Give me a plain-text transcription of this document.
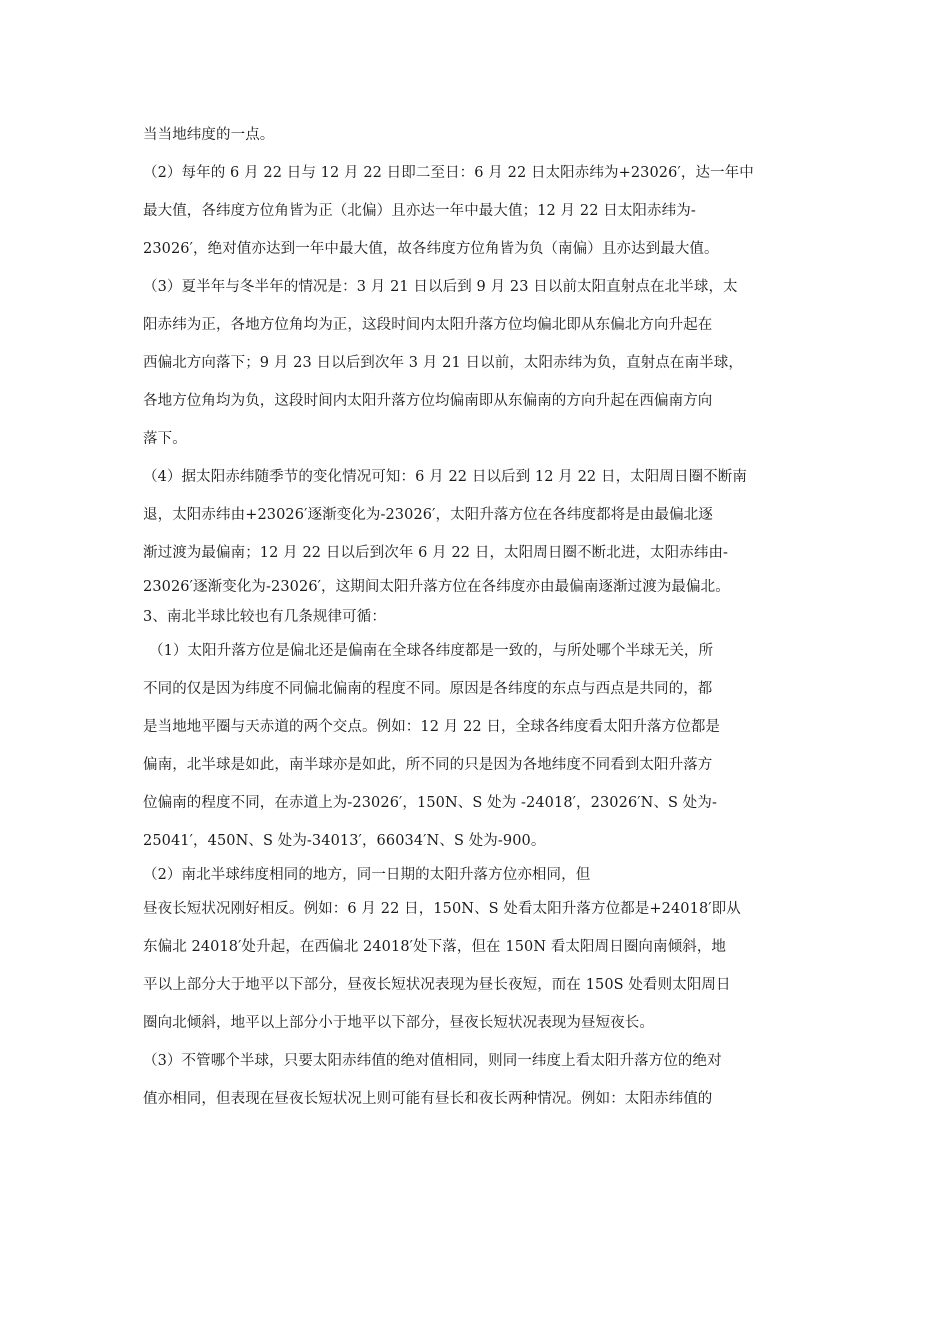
当当地纬度的一点。
（2）每年的 6 月 22 日与 12 月 22 日即二至日：6 月 22 日太阳赤纬为+23026′，达一年中
最大值，各纬度方位角皆为正（北偏）且亦达一年中最大值；12 月 22 日太阳赤纬为-
23026′，绝对值亦达到一年中最大值，故各纬度方位角皆为负（南偏）且亦达到最大值。
（3）夏半年与冬半年的情况是：3 月 21 日以后到 9 月 23 日以前太阳直射点在北半球，太
阳赤纬为正，各地方位角均为正，这段时间内太阳升落方位均偏北即从东偏北方向升起在
西偏北方向落下；9 月 23 日以后到次年 3 月 21 日以前，太阳赤纬为负，直射点在南半球，
各地方位角均为负，这段时间内太阳升落方位均偏南即从东偏南的方向升起在西偏南方向
落下。
（4）据太阳赤纬随季节的变化情况可知：6 月 22 日以后到 12 月 22 日，太阳周日圈不断南
退，太阳赤纬由+23026′逐渐变化为-23026′，太阳升落方位在各纬度都将是由最偏北逐
渐过渡为最偏南；12 月 22 日以后到次年 6 月 22 日，太阳周日圈不断北进，太阳赤纬由-
23026′逐渐变化为-23026′，这期间太阳升落方位在各纬度亦由最偏南逐渐过渡为最偏北。
3、南北半球比较也有几条规律可循：
（1）太阳升落方位是偏北还是偏南在全球各纬度都是一致的，与所处哪个半球无关，所
不同的仅是因为纬度不同偏北偏南的程度不同。原因是各纬度的东点与西点是共同的，都
是当地地平圈与天赤道的两个交点。例如：12 月 22 日，全球各纬度看太阳升落方位都是
偏南，北半球是如此，南半球亦是如此，所不同的只是因为各地纬度不同看到太阳升落方
位偏南的程度不同，在赤道上为-23026′，150N、S 处为 -24018′，23026′N、S 处为-
25041′，450N、S 处为-34013′，66034′N、S 处为-900。
（2）南北半球纬度相同的地方，同一日期的太阳升落方位亦相同，但
昼夜长短状况刚好相反。例如：6 月 22 日，150N、S 处看太阳升落方位都是+24018′即从
东偏北 24018′处升起，在西偏北 24018′处下落，但在 150N 看太阳周日圈向南倾斜，地
平以上部分大于地平以下部分，昼夜长短状况表现为昼长夜短，而在 150S 处看则太阳周日
圈向北倾斜，地平以上部分小于地平以下部分，昼夜长短状况表现为昼短夜长。
（3）不管哪个半球，只要太阳赤纬值的绝对值相同，则同一纬度上看太阳升落方位的绝对
值亦相同，但表现在昼夜长短状况上则可能有昼长和夜长两种情况。例如：太阳赤纬值的
